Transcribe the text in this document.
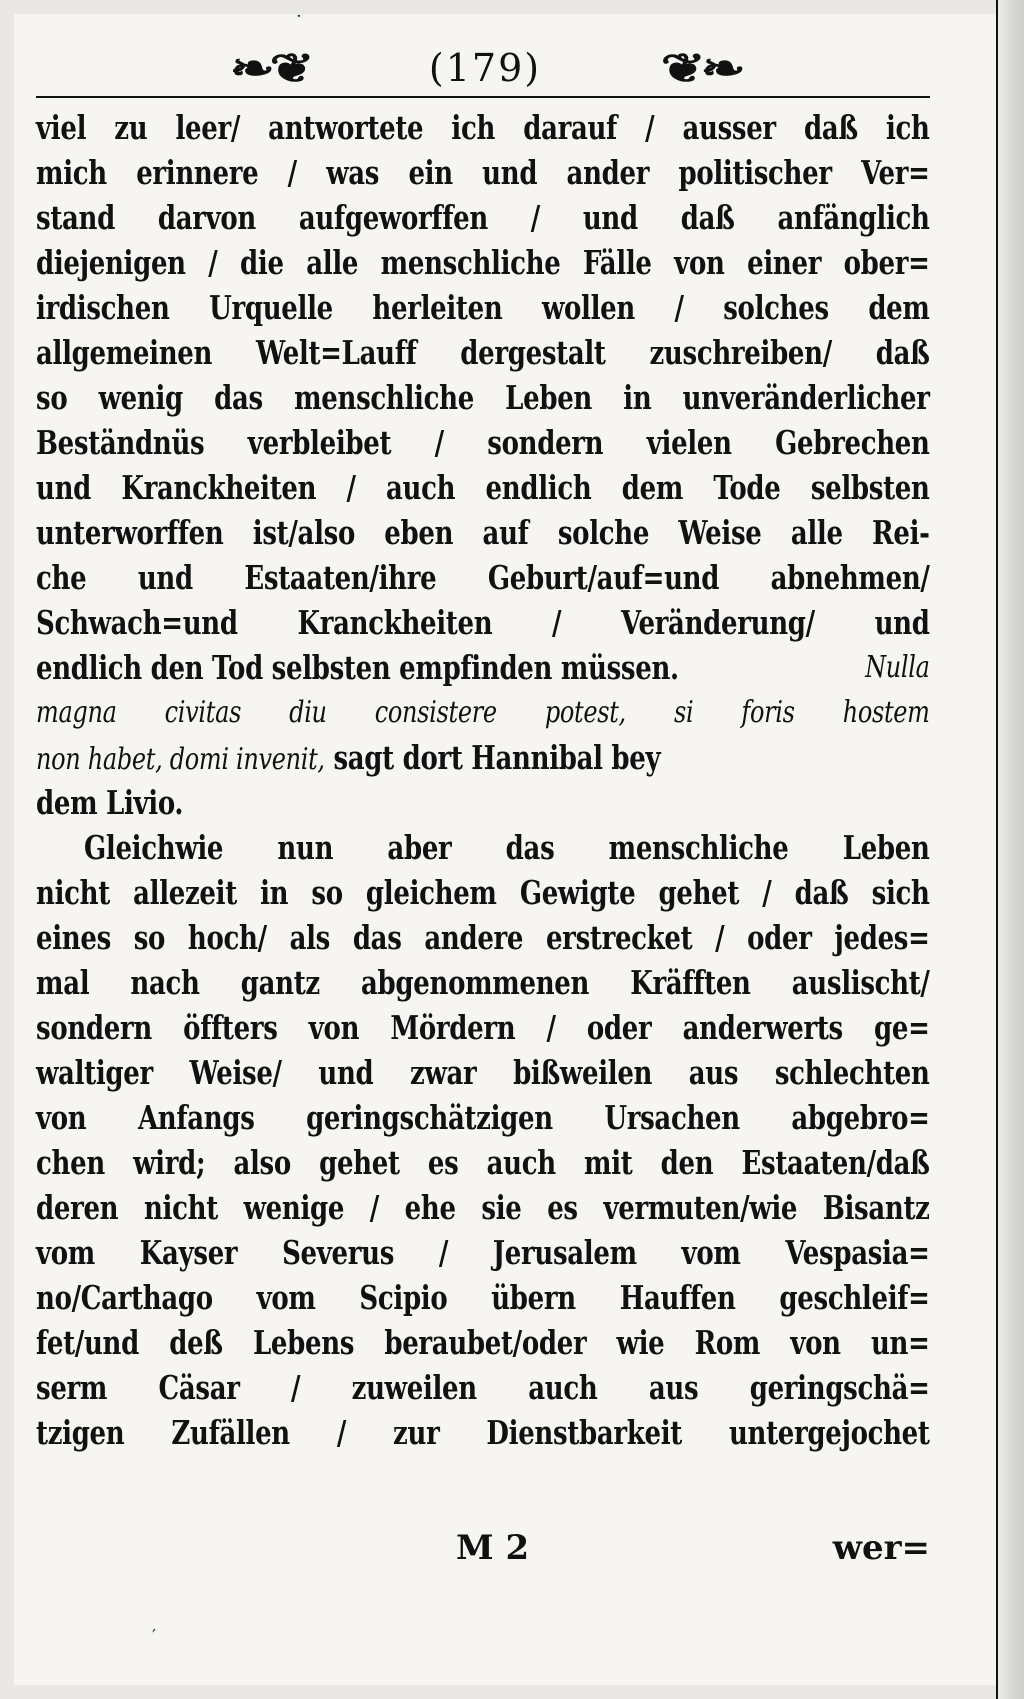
❧❦	(179)	❦❧
viel zu leer/ antwortete ich darauf / ausser daß ich
mich erinnere / was ein und ander politischer Ver=
stand darvon aufgeworffen / und daß anfänglich
diejenigen / die alle menschliche Fälle von einer ober=
irdischen Urquelle herleiten wollen / solches dem
allgemeinen Welt=Lauff dergestalt zuschreiben/ daß
so wenig das menschliche Leben in unveränderlicher
Beständnüs verbleibet / sondern vielen Gebrechen
und Kranckheiten / auch endlich dem Tode selbsten
unterworffen ist/also eben auf solche Weise alle Rei-
che und Estaaten/ihre Geburt/auf=und abnehmen/
Schwach=und Kranckheiten / Veränderung/ und
endlich den Tod selbsten empfinden müssen.	Nulla
magna civitas diu consistere potest, si foris hostem
non habet, domi invenit, sagt dort Hannibal bey
dem Livio.
Gleichwie nun aber das menschliche Leben
nicht allezeit in so gleichem Gewigte gehet / daß sich
eines so hoch/ als das andere erstrecket / oder jedes=
mal nach gantz abgenommenen Kräfften auslischt/
sondern öffters von Mördern / oder anderwerts ge=
waltiger Weise/ und zwar bißweilen aus schlechten
von Anfangs geringschätzigen Ursachen abgebro=
chen wird; also gehet es auch mit den Estaaten/daß
deren nicht wenige / ehe sie es vermuten/wie Bisantz
vom Kayser Severus / Jerusalem vom Vespasia=
no/Carthago vom Scipio übern Hauffen geschleif=
fet/und deß Lebens beraubet/oder wie Rom von un=
serm Cäsar / zuweilen auch aus geringschä=
tzigen Zufällen / zur Dienstbarkeit untergejochet
M 2	wer=
·
′
